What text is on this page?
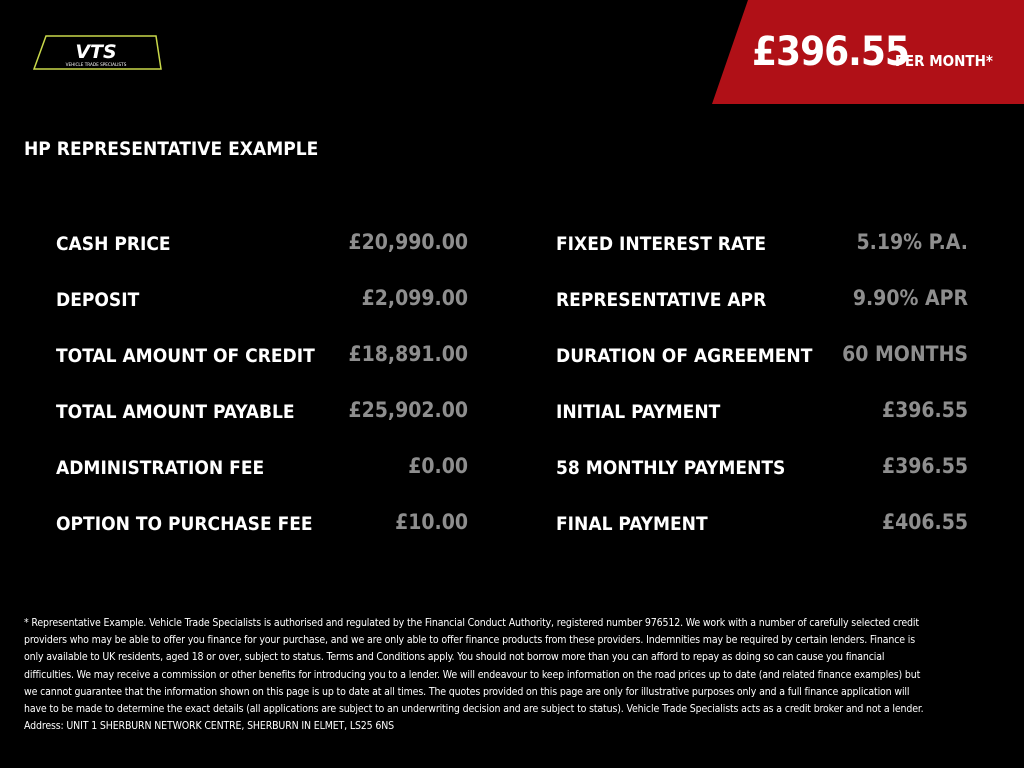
VTS
VEHICLE TRADE SPECIALISTS	£396.55
PER MONTH*
HP REPRESENTATIVE EXAMPLE
CASH PRICE	£20,990.00
DEPOSIT	£2,099.00
TOTAL AMOUNT OF CREDIT £18,891.00
TOTAL AMOUNT PAYABLE	£25,902.00
ADMINISTRATION FEE	£0.00
OPTION TO PURCHASE FEE	£10.00
FIXED INTEREST RATE	5.19% P.A.
REPRESENTATIVE APR	9.90% APR
DURATION OF AGREEMENT 60 MONTHS
INITIAL PAYMENT	£396.55
58 MONTHLY PAYMENTS	£396.55
FINAL PAYMENT	£406.55
* Representative Example. Vehicle Trade Specialists is authorised and regulated by the Financial Conduct Authority, registered number 976512. We work with a number of carefully selected credit providers who may be able to offer you finance for your purchase, and we are only able to offer finance products from these providers. Indemnities may be required by certain lenders. Finance is only available to UK residents, aged 18 or over, subject to status. Terms and Conditions apply. You should not borrow more than you can afford to repay as doing so can cause you financial difficulties. We may receive a commission or other benefits for introducing you to a lender. We will endeavour to keep information on the road prices up to date (and related finance examples) but we cannot guarantee that the information shown on this page is up to date at all times. The quotes provided on this page are only for illustrative purposes only and a full finance application will have to be made to determine the exact details (all applications are subject to an underwriting decision and are subject to status). Vehicle Trade Specialists acts as a credit broker and not a lender. Address: UNIT 1 SHERBURN NETWORK CENTRE, SHERBURN IN ELMET, LS25 6NS
